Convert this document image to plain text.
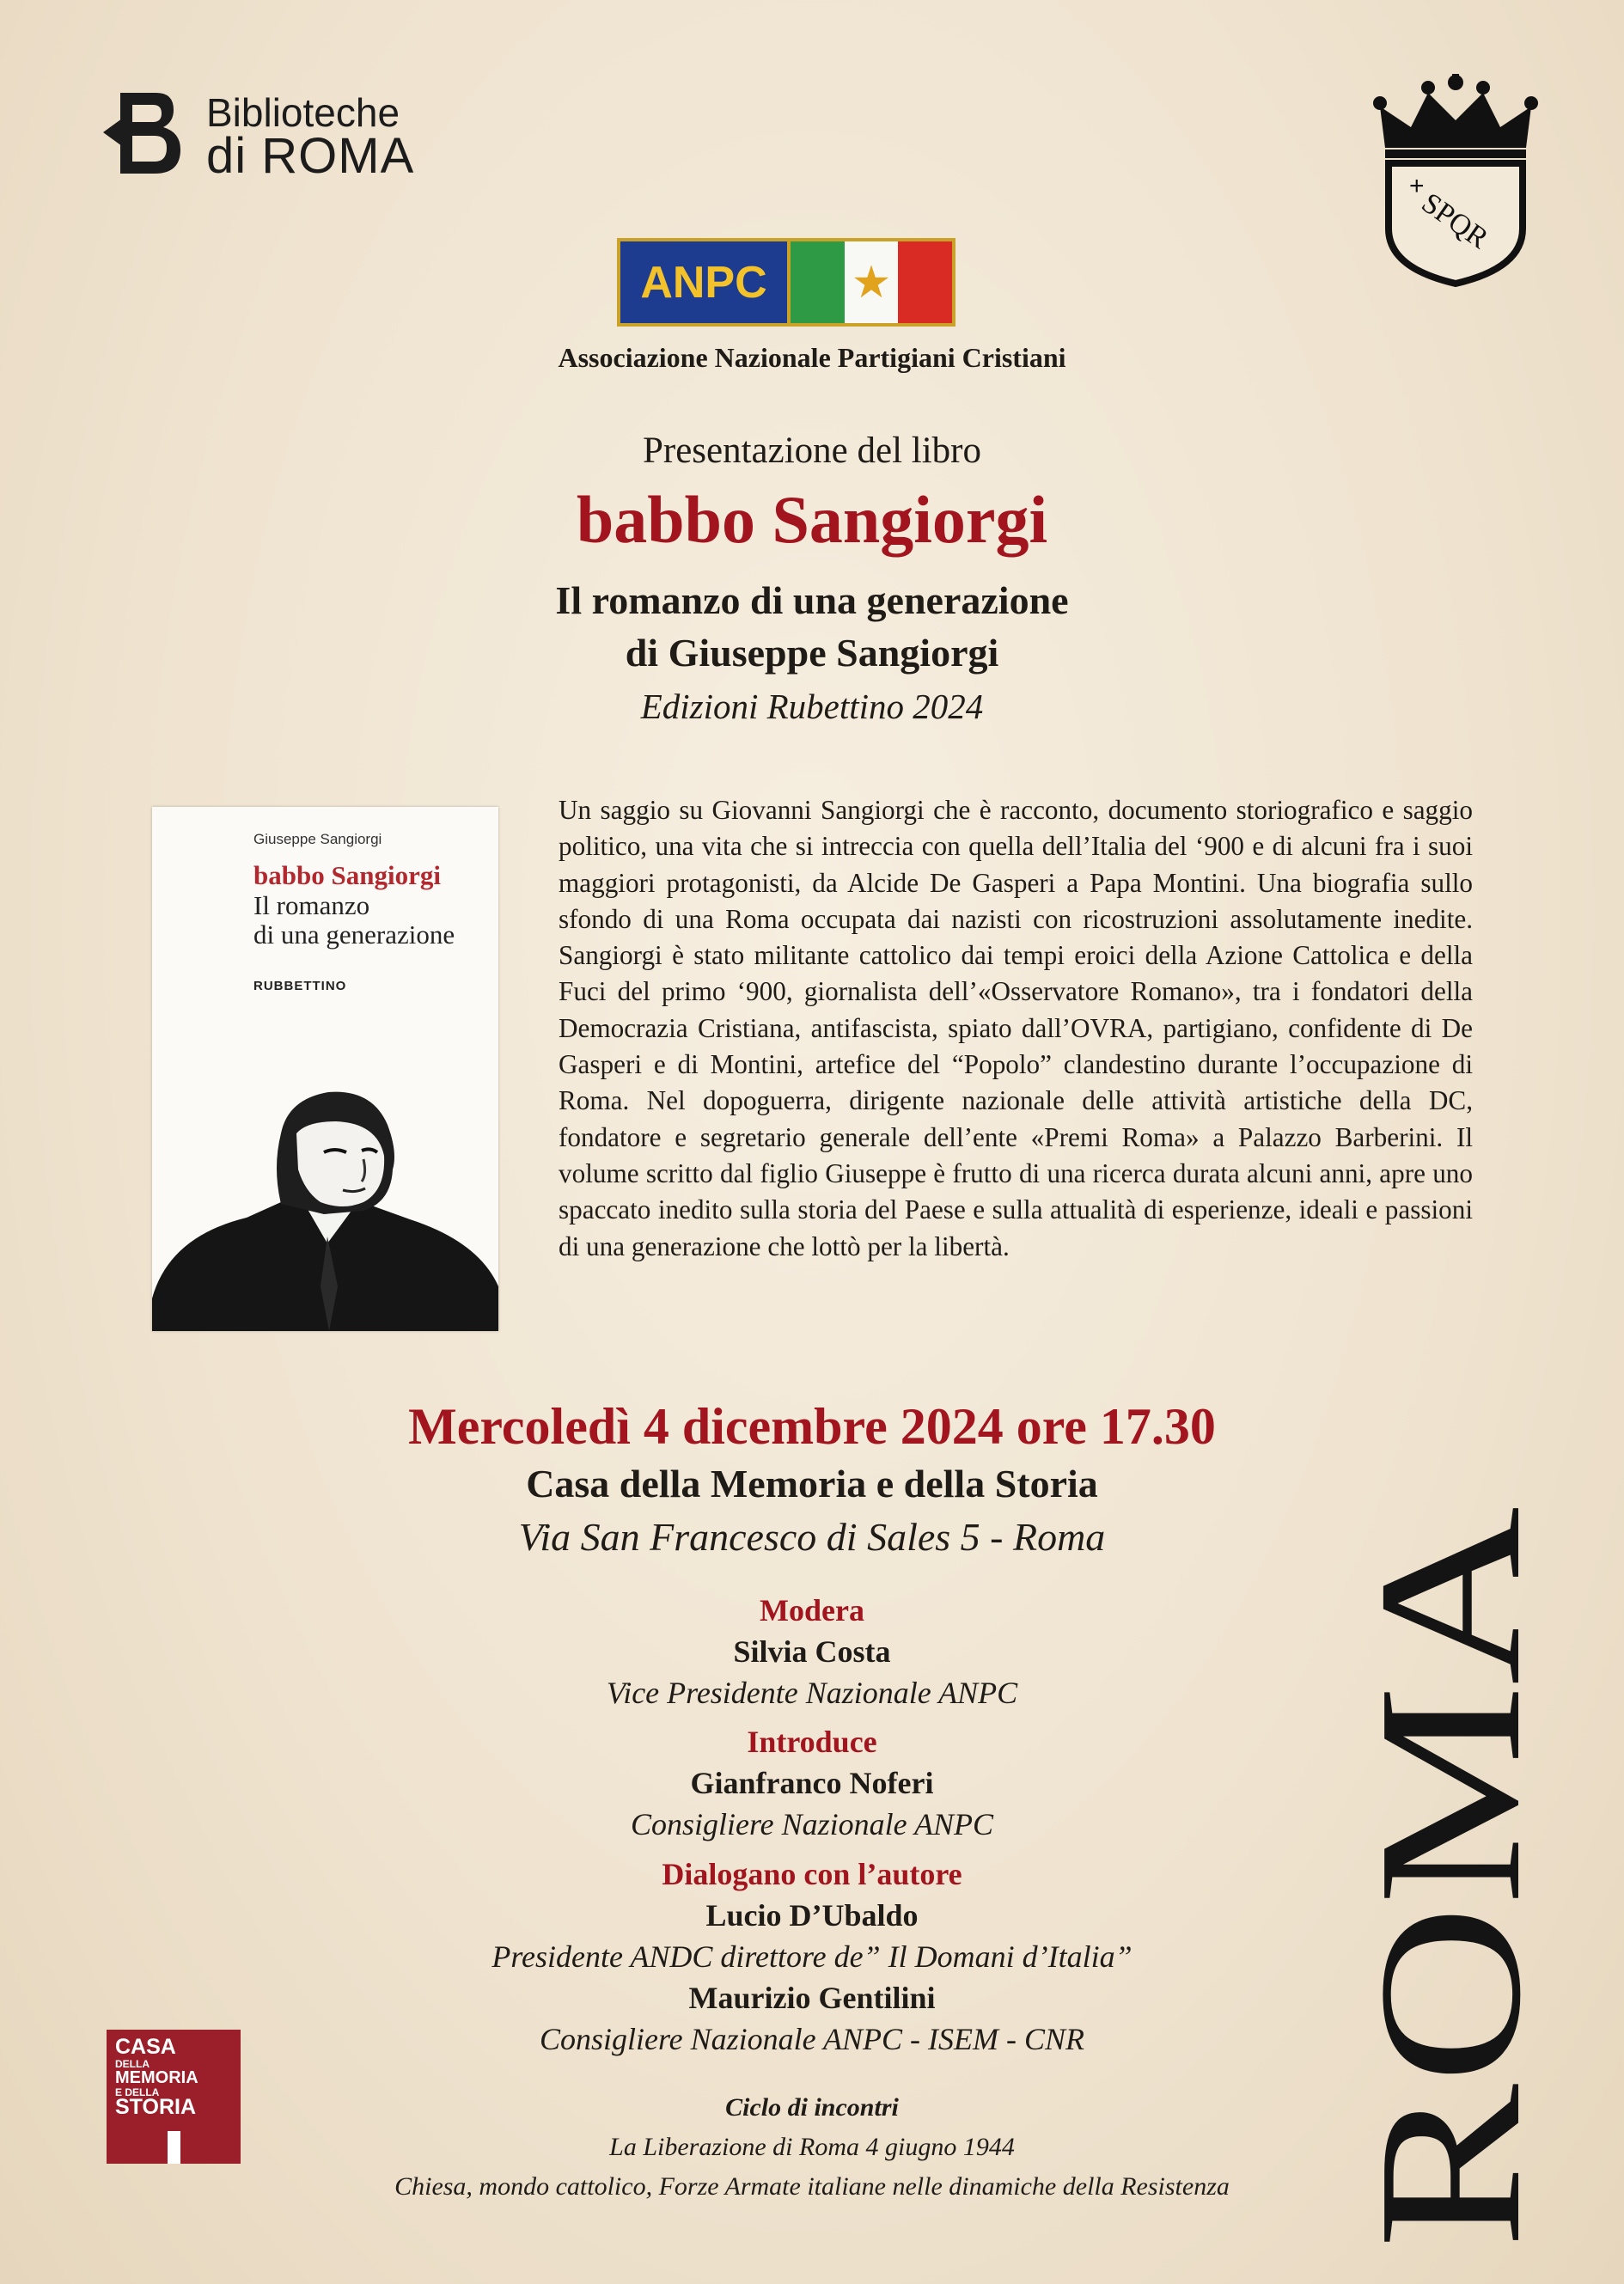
Biblioteche
di ROMA
SPQR
+
ANPC	★
Associazione Nazionale Partigiani Cristiani
Presentazione del libro
babbo Sangiorgi
Il romanzo di una generazione
di Giuseppe Sangiorgi
Edizioni Rubettino 2024
Giuseppe Sangiorgi
babbo Sangiorgi
Il romanzo
di una generazione
RUBBETTINO
Un saggio su Giovanni Sangiorgi che è racconto, documento storiografico e saggio politico, una vita che si intreccia con quella dell’Italia del ‘900 e di alcuni fra i suoi maggiori protagonisti, da Alcide De Gasperi a Papa Montini. Una biografia sullo sfondo di una Roma occupata dai nazisti con ricostruzioni assolutamente inedite. Sangiorgi è stato militante cattolico dai tempi eroici della Azione Cattolica e della Fuci del primo ‘900, giornalista dell’«Osservatore Romano», tra i fondatori della Democrazia Cristiana, antifascista, spiato dall’OVRA, partigiano, confidente di De Gasperi e di Montini, artefice del “Popolo” clandestino durante l’occupazione di Roma. Nel dopoguerra, dirigente nazionale delle attività artistiche della DC, fondatore e segretario generale dell’ente «Premi Roma» a Palazzo Barberini. Il volume scritto dal figlio Giuseppe è frutto di una ricerca durata alcuni anni, apre uno spaccato inedito sulla storia del Paese e sulla attualità di esperienze, ideali e passioni di una generazione che lottò per la libertà.
Mercoledì 4 dicembre 2024 ore 17.30
Casa della Memoria e della Storia
Via San Francesco di Sales 5 - Roma
Modera
Silvia Costa
Vice Presidente Nazionale ANPC
Introduce
Gianfranco Noferi
Consigliere Nazionale ANPC
Dialogano con l’autore
Lucio D’Ubaldo
Presidente ANDC direttore de” Il Domani d’Italia”
Maurizio Gentilini
Consigliere Nazionale ANPC - ISEM - CNR
Ciclo di incontri
La Liberazione di Roma 4 giugno 1944
Chiesa, mondo cattolico, Forze Armate italiane nelle dinamiche della Resistenza ROMA
CASA
DELLA
MEMORIA
E DELLA
STORIA
